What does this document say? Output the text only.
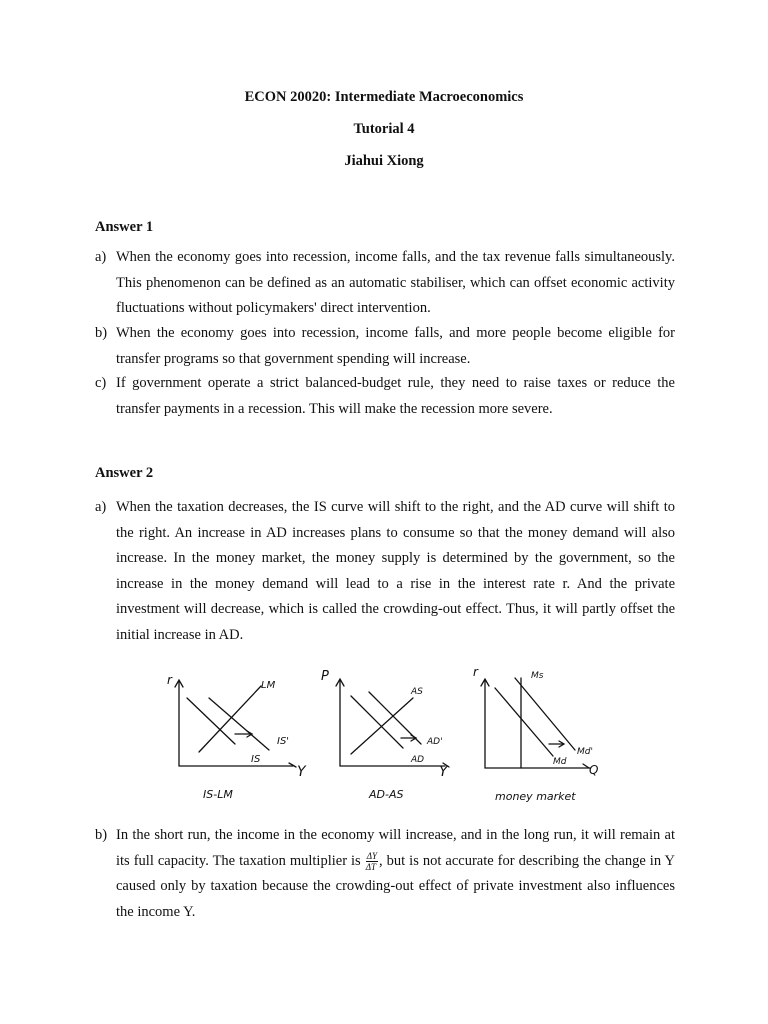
ECON 20020: Intermediate Macroeconomics
Tutorial 4
Jiahui Xiong
Answer 1
a) When the economy goes into recession, income falls, and the tax revenue falls simultaneously. This phenomenon can be defined as an automatic stabiliser, which can offset economic activity fluctuations without policymakers' direct intervention.
b) When the economy goes into recession, income falls, and more people become eligible for transfer programs so that government spending will increase.
c) If government operate a strict balanced-budget rule, they need to raise taxes or reduce the transfer payments in a recession. This will make the recession more severe.
Answer 2
a) When the taxation decreases, the IS curve will shift to the right, and the AD curve will shift to the right. An increase in AD increases plans to consume so that the money demand will also increase. In the money market, the money supply is determined by the government, so the increase in the money demand will lead to a rise in the interest rate r. And the private investment will decrease, which is called the crowding-out effect. Thus, it will partly offset the initial increase in AD.
r	LM
IS'
IS
Y
IS-LM
P
AS
AD'
AD
Y
AD-AS
r	Ms
Md'
Md
Q
money market
b) In the short run, the income in the economy will increase, and in the long run, it will remain at its full capacity. The taxation multiplier is $\frac{\Delta Y}{\Delta T}$ , but is not accurate for describing the change in Y caused only by taxation because the crowding-out effect of private investment also influences the income Y.
